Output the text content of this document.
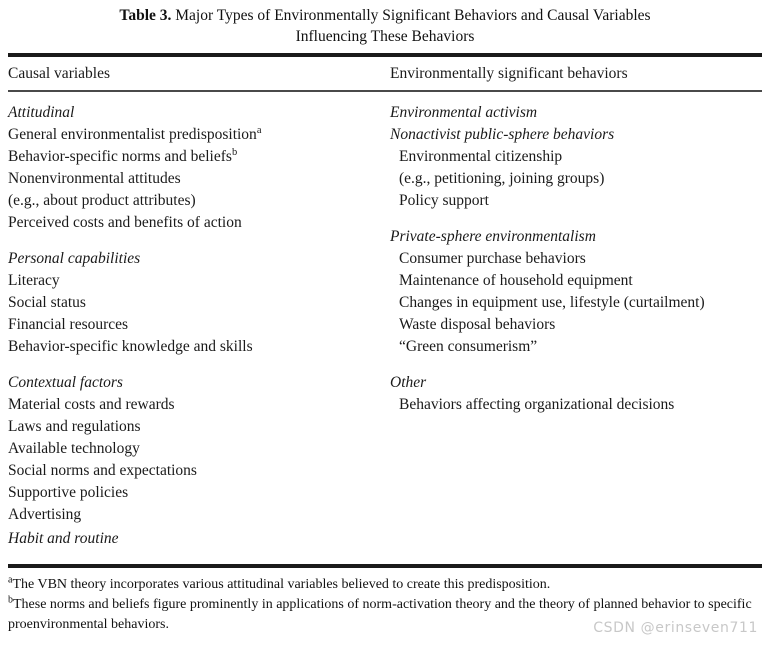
Table 3. Major Types of Environmentally Significant Behaviors and Causal Variables
Influencing These Behaviors
Causal variables	Environmentally significant behaviors
Attitudinal
General environmentalist predisposition$^a$
Behavior-specific norms and beliefs$^b$
Nonenvironmental attitudes
(e.g., about product attributes)
Perceived costs and benefits of action
Personal capabilities
Literacy
Social status
Financial resources
Behavior-specific knowledge and skills
Contextual factors
Material costs and rewards
Laws and regulations
Available technology
Social norms and expectations
Supportive policies
Advertising
Environmental activism
Nonactivist public-sphere behaviors
Environmental citizenship
(e.g., petitioning, joining groups)
Policy support
Private-sphere environmentalism
Consumer purchase behaviors
Maintenance of household equipment
Changes in equipment use, lifestyle (curtailment)
Waste disposal behaviors
“Green consumerism”
Other
Behaviors affecting organizational decisions
Habit and routine

$^a$The VBN theory incorporates various attitudinal variables believed to create this predisposition.

$^b$These norms and beliefs figure prominently in applications of norm-activation theory and the theory of planned behavior to specific proenvironmental behaviors.	CSDN @erinseven711
